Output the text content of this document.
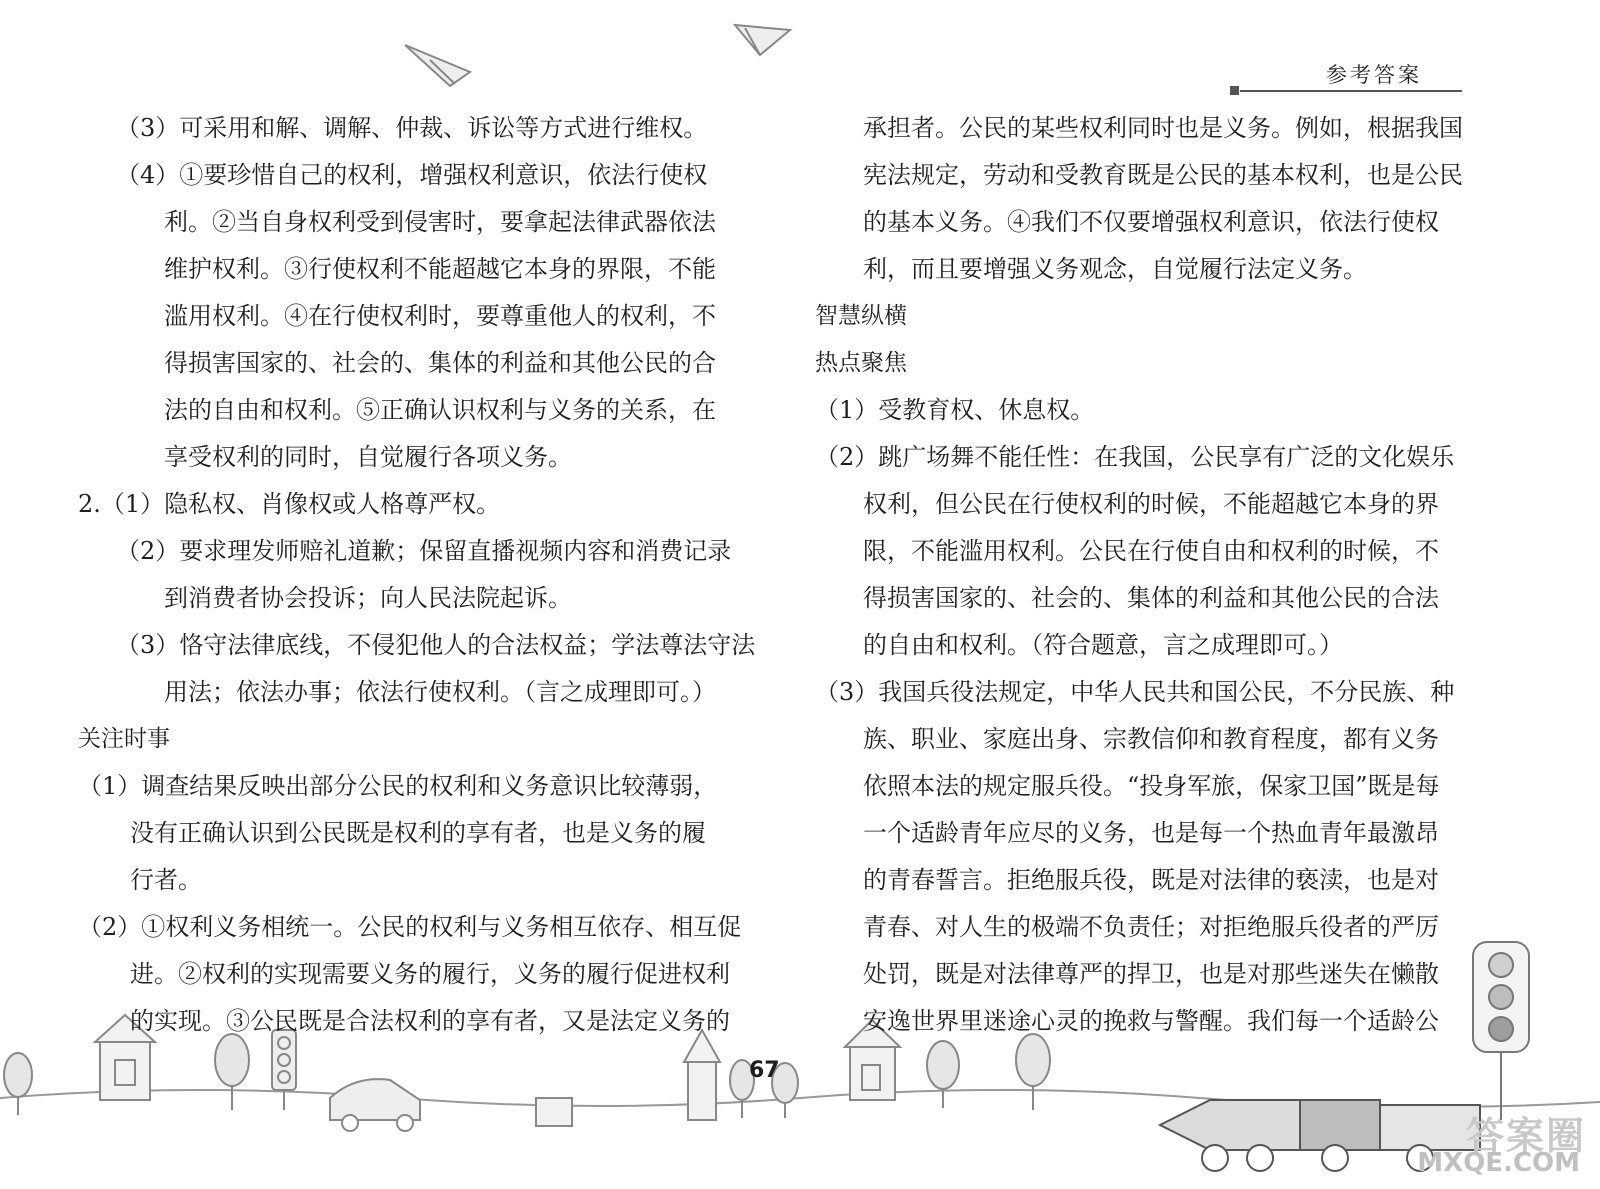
参考答案
（3）可采用和解、调解、仲裁、诉讼等方式进行维权。
（4）①要珍惜自己的权利，增强权利意识，依法行使权
利。②当自身权利受到侵害时，要拿起法律武器依法
维护权利。③行使权利不能超越它本身的界限，不能
滥用权利。④在行使权利时，要尊重他人的权利，不
得损害国家的、社会的、集体的利益和其他公民的合
法的自由和权利。⑤正确认识权利与义务的关系，在
享受权利的同时，自觉履行各项义务。
2.（1）隐私权、肖像权或人格尊严权。
（2）要求理发师赔礼道歉；保留直播视频内容和消费记录
到消费者协会投诉；向人民法院起诉。
（3）恪守法律底线，不侵犯他人的合法权益；学法尊法守法
用法；依法办事；依法行使权利。（言之成理即可。）
关注时事
（1）调查结果反映出部分公民的权利和义务意识比较薄弱，
没有正确认识到公民既是权利的享有者，也是义务的履
行者。
（2）①权利义务相统一。公民的权利与义务相互依存、相互促
进。②权利的实现需要义务的履行，义务的履行促进权利
的实现。③公民既是合法权利的享有者，又是法定义务的
承担者。公民的某些权利同时也是义务。例如，根据我国
宪法规定，劳动和受教育既是公民的基本权利，也是公民
的基本义务。④我们不仅要增强权利意识，依法行使权
利，而且要增强义务观念，自觉履行法定义务。
智慧纵横
热点聚焦
（1）受教育权、休息权。
（2）跳广场舞不能任性：在我国，公民享有广泛的文化娱乐
权利，但公民在行使权利的时候，不能超越它本身的界
限，不能滥用权利。公民在行使自由和权利的时候，不
得损害国家的、社会的、集体的利益和其他公民的合法
的自由和权利。（符合题意，言之成理即可。）
（3）我国兵役法规定，中华人民共和国公民，不分民族、种
族、职业、家庭出身、宗教信仰和教育程度，都有义务
依照本法的规定服兵役。“投身军旅，保家卫国”既是每
一个适龄青年应尽的义务，也是每一个热血青年最激昂
的青春誓言。拒绝服兵役，既是对法律的亵渎，也是对
青春、对人生的极端不负责任；对拒绝服兵役者的严厉
处罚，既是对法律尊严的捍卫，也是对那些迷失在懒散
安逸世界里迷途心灵的挽救与警醒。我们每一个适龄公
67
答案圈
MXQE.COM
